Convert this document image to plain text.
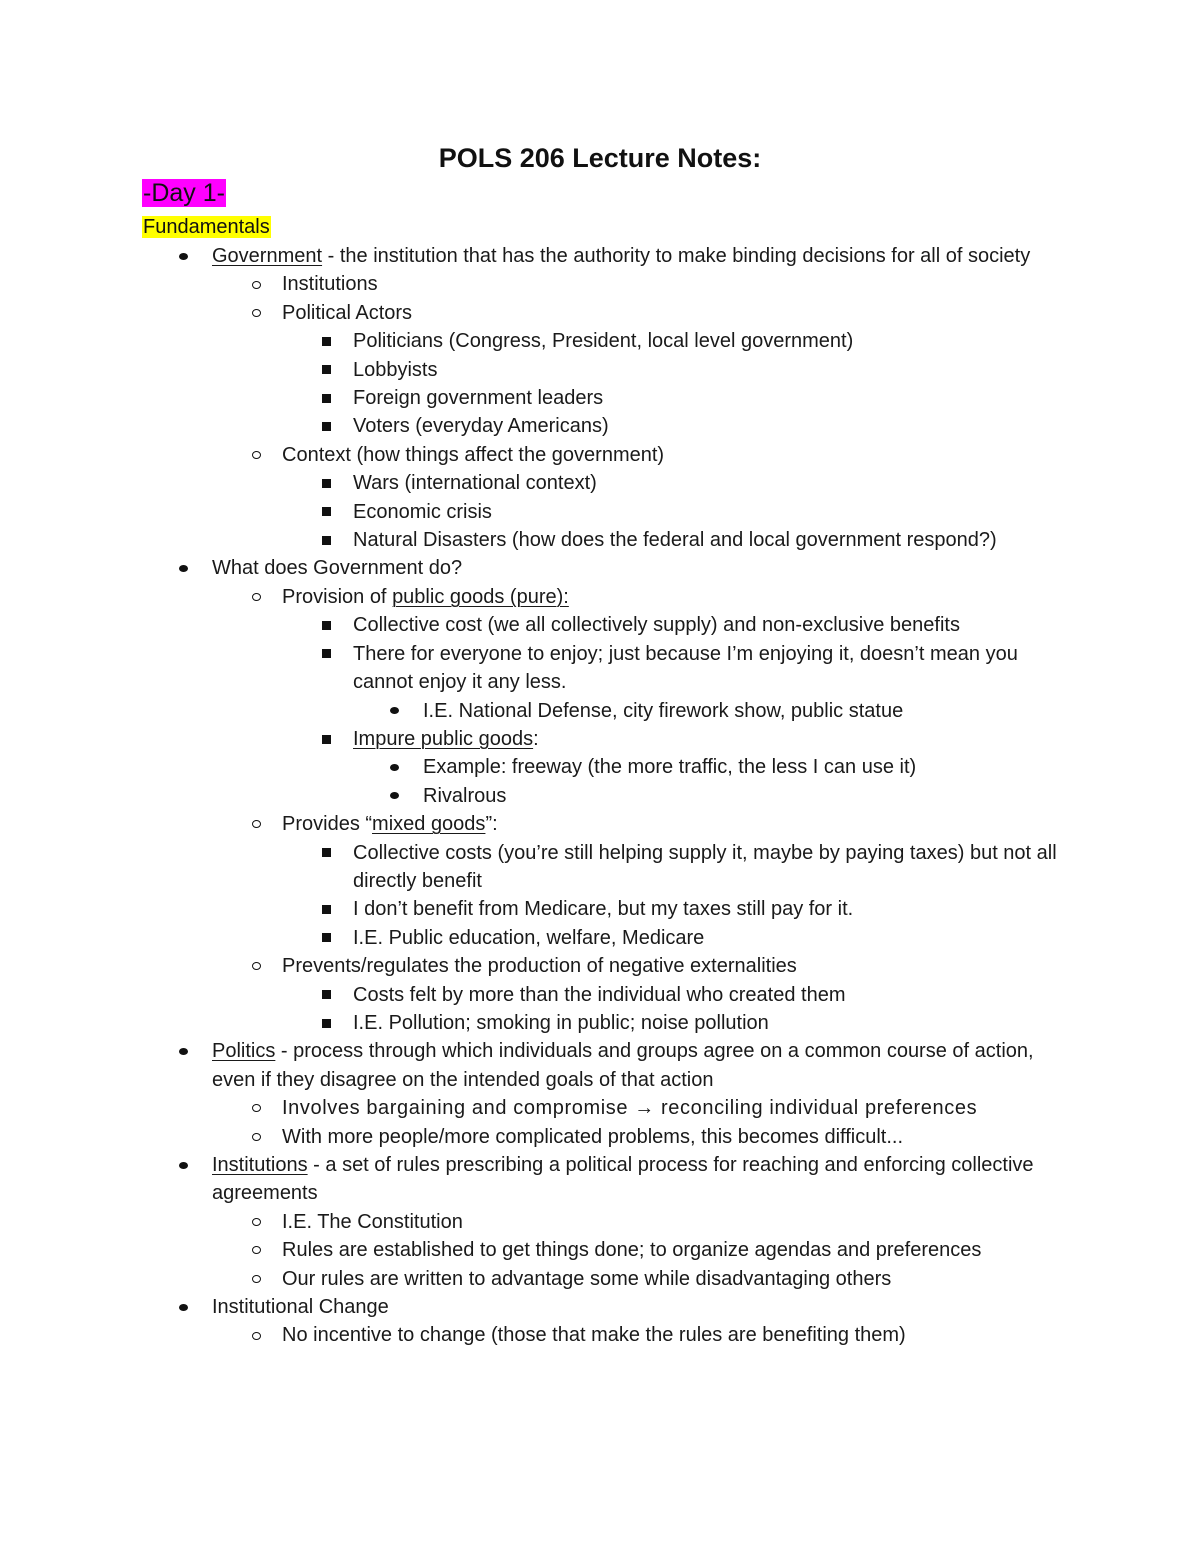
POLS 206 Lecture Notes:
-Day 1-
Fundamentals
Government - the institution that has the authority to make binding decisions for all of society
Institutions
Political Actors
Politicians (Congress, President, local level government)
Lobbyists
Foreign government leaders
Voters (everyday Americans)
Context (how things affect the government)
Wars (international context)
Economic crisis
Natural Disasters (how does the federal and local government respond?)
What does Government do?
Provision of public goods (pure):
Collective cost (we all collectively supply) and non-exclusive benefits
There for everyone to enjoy; just because I’m enjoying it, doesn’t mean you cannot enjoy it any less.
I.E. National Defense, city firework show, public statue
Impure public goods:
Example: freeway (the more traffic, the less I can use it)
Rivalrous
Provides “mixed goods”:
Collective costs (you’re still helping supply it, maybe by paying taxes) but not all directly benefit
I don’t benefit from Medicare, but my taxes still pay for it.
I.E. Public education, welfare, Medicare
Prevents/regulates the production of negative externalities
Costs felt by more than the individual who created them
I.E. Pollution; smoking in public; noise pollution
Politics - process through which individuals and groups agree on a common course of action, even if they disagree on the intended goals of that action
Involves bargaining and compromise → reconciling individual preferences
With more people/more complicated problems, this becomes difficult...
Institutions - a set of rules prescribing a political process for reaching and enforcing collective agreements
I.E. The Constitution
Rules are established to get things done; to organize agendas and preferences
Our rules are written to advantage some while disadvantaging others
Institutional Change
No incentive to change (those that make the rules are benefiting them)
